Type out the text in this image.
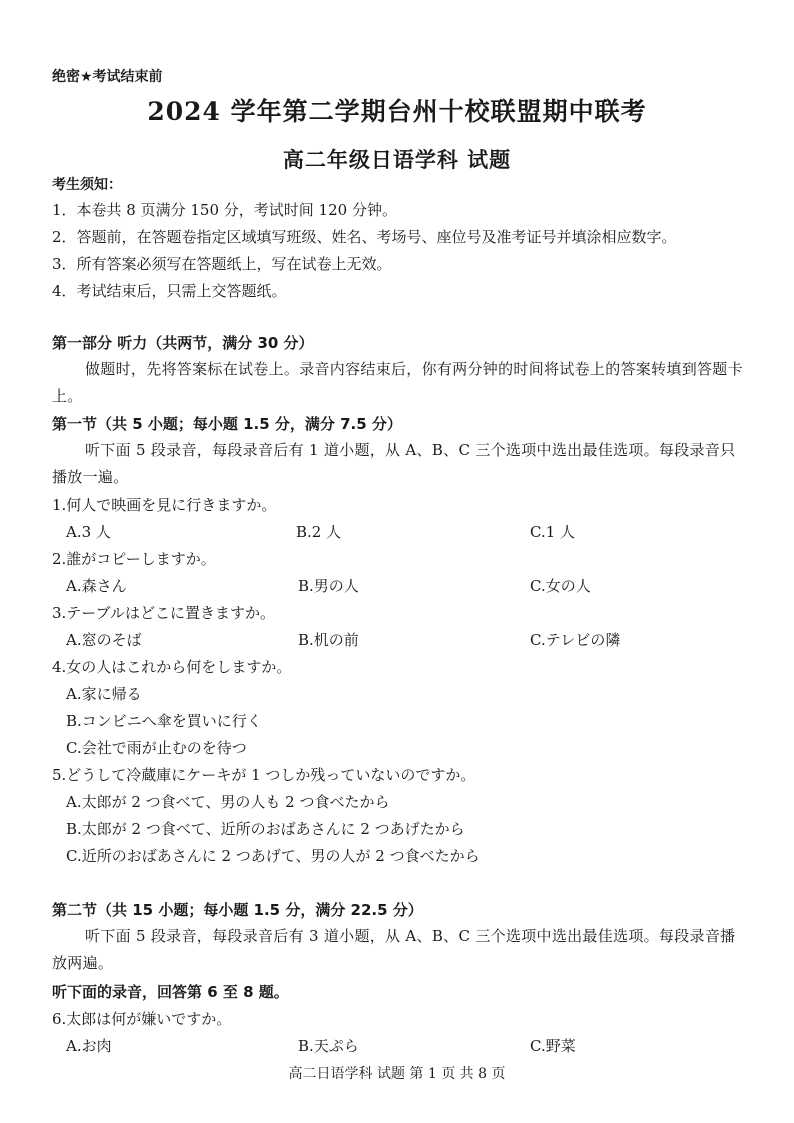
绝密★考试结束前
2024 学年第二学期台州十校联盟期中联考
高二年级日语学科 试题
考生须知：
1．本卷共 8 页满分 150 分，考试时间 120 分钟。
2．答题前，在答题卷指定区域填写班级、姓名、考场号、座位号及准考证号并填涂相应数字。
3．所有答案必须写在答题纸上，写在试卷上无效。
4．考试结束后，只需上交答题纸。
第一部分 听力（共两节，满分 30 分）
做题时，先将答案标在试卷上。录音内容结束后，你有两分钟的时间将试卷上的答案转填到答题卡上。
第一节（共 5 小题；每小题 1.5 分，满分 7.5 分）
听下面 5 段录音，每段录音后有 1 道小题，从 A、B、C 三个选项中选出最佳选项。每段录音只播放一遍。
1.何人で映画を見に行きますか。
A.3 人	B.2 人	C.1 人
2.誰がコピーしますか。
A.森さん	B.男の人	C.女の人
3.テーブルはどこに置きますか。
A.窓のそば	B.机の前	C.テレビの隣
4.女の人はこれから何をしますか。
A.家に帰る
B.コンビニへ傘を買いに行く
C.会社で雨が止むのを待つ
5.どうして冷蔵庫にケーキが 1 つしか残っていないのですか。
A.太郎が 2 つ食べて、男の人も 2 つ食べたから
B.太郎が 2 つ食べて、近所のおばあさんに 2 つあげたから
C.近所のおばあさんに 2 つあげて、男の人が 2 つ食べたから
第二节（共 15 小题；每小题 1.5 分，满分 22.5 分）
听下面 5 段录音，每段录音后有 3 道小题，从 A、B、C 三个选项中选出最佳选项。每段录音播放两遍。
听下面的录音，回答第 6 至 8 题。
6.太郎は何が嫌いですか。
A.お肉	B.天ぷら	C.野菜
高二日语学科 试题 第 1 页 共 8 页
